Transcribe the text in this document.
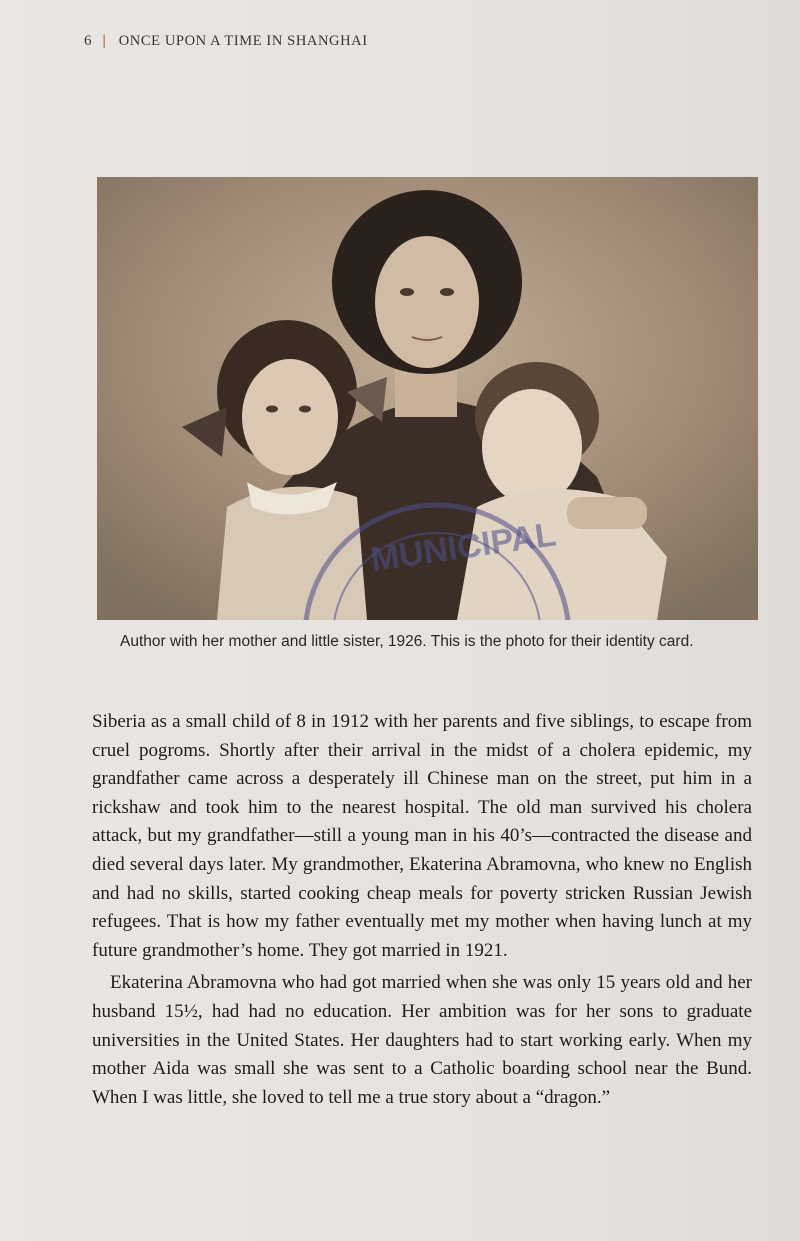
6 | ONCE UPON A TIME IN SHANGHAI
MUNICIPAL
Author with her mother and little sister, 1926. This is the photo for their identity card.

Siberia as a small child of 8 in 1912 with her parents and five siblings, to escape from cruel pogroms. Shortly after their arrival in the midst of a cholera epidemic, my grandfather came across a desperately ill Chinese man on the street, put him in a rickshaw and took him to the nearest hospital. The old man survived his cholera attack, but my grandfather—still a young man in his 40’s—contracted the disease and died several days later. My grandmother, Ekaterina Abramovna, who knew no English and had no skills, started cooking cheap meals for poverty stricken Russian Jewish refugees. That is how my father eventually met my mother when having lunch at my future grandmother’s home. They got married in 1921.

Ekaterina Abramovna who had got married when she was only 15 years old and her husband 15½, had had no education. Her ambition was for her sons to graduate universities in the United States. Her daughters had to start working early. When my mother Aida was small she was sent to a Catholic boarding school near the Bund. When I was little, she loved to tell me a true story about a “dragon.”
